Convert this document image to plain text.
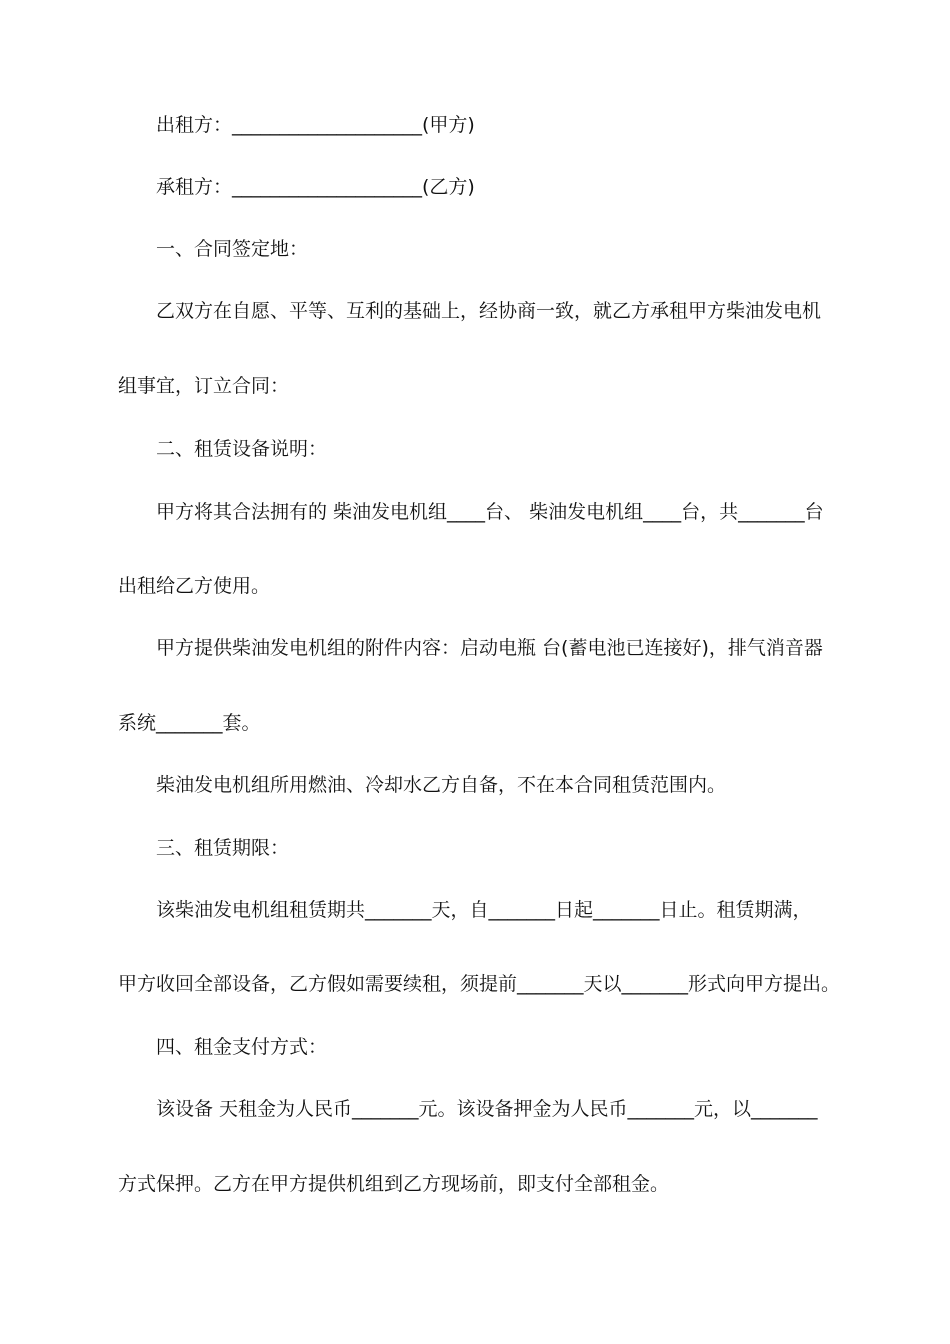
出租方：____________________(甲方)
承租方：____________________(乙方)
一、合同签定地：
乙双方在自愿、平等、互利的基础上，经协商一致，就乙方承租甲方柴油发电机
组事宜，订立合同：
二、租赁设备说明：
甲方将其合法拥有的 柴油发电机组____台、 柴油发电机组____台，共_______台
出租给乙方使用。
甲方提供柴油发电机组的附件内容：启动电瓶 台(蓄电池已连接好)，排气消音器
系统_______套。
柴油发电机组所用燃油、冷却水乙方自备，不在本合同租赁范围内。
三、租赁期限：
该柴油发电机组租赁期共_______天，自_______日起_______日止。租赁期满，
甲方收回全部设备，乙方假如需要续租，须提前_______天以_______形式向甲方提出。
四、租金支付方式：
该设备 天租金为人民币_______元。该设备押金为人民币_______元，以_______
方式保押。乙方在甲方提供机组到乙方现场前，即支付全部租金。
